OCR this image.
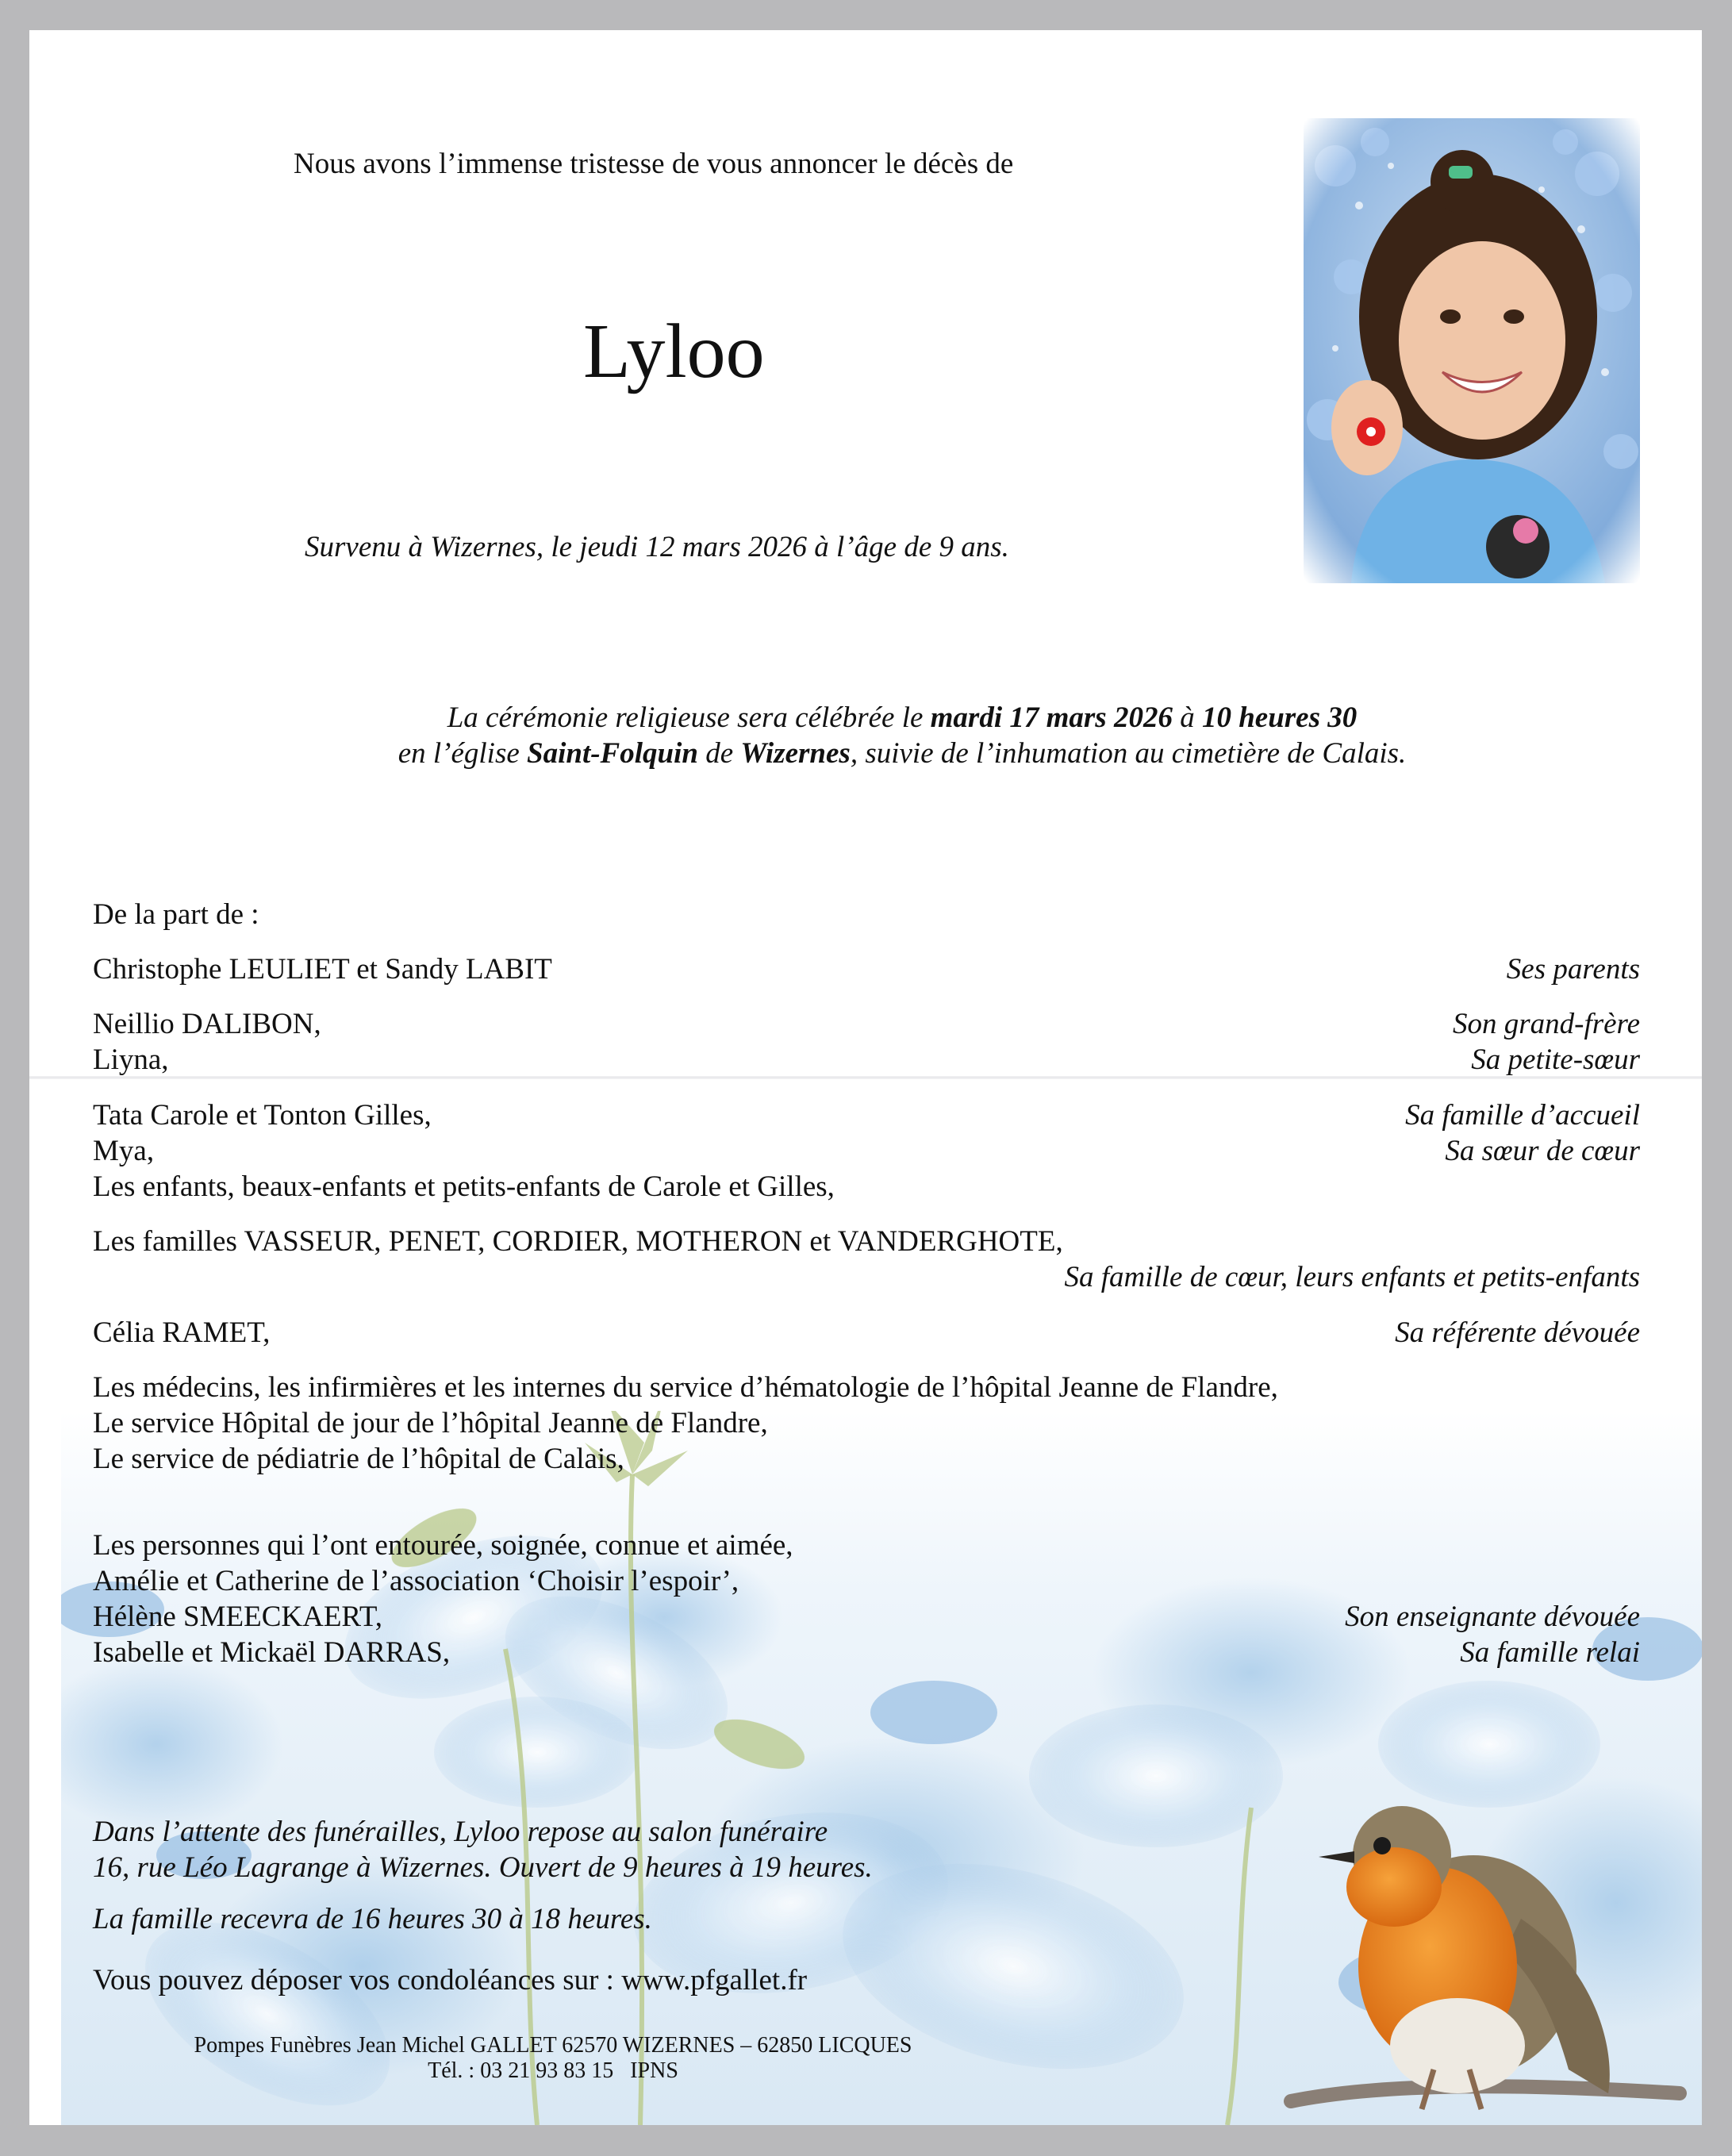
Nous avons l’immense tristesse de vous annoncer le décès de
Lyloo
Survenu à Wizernes, le jeudi 12 mars 2026 à l’âge de 9 ans.
La cérémonie religieuse sera célébrée le mardi 17 mars 2026 à 10 heures 30
en l’église Saint-Folquin de Wizernes, suivie de l’inhumation au cimetière de Calais.
De la part de :
Christophe LEULIET et Sandy LABIT	Ses parents
Neillio DALIBON,	Son grand-frère
Liyna,	Sa petite-sœur
Tata Carole et Tonton Gilles,	Sa famille d’accueil
Mya,	Sa sœur de cœur
Les enfants, beaux-enfants et petits-enfants de Carole et Gilles,
Les familles VASSEUR, PENET, CORDIER, MOTHERON et VANDERGHOTE,
Sa famille de cœur, leurs enfants et petits-enfants
Célia RAMET,	Sa référente dévouée
Les médecins, les infirmières et les internes du service d’hématologie de l’hôpital Jeanne de Flandre,
Le service Hôpital de jour de l’hôpital Jeanne de Flandre,
Le service de pédiatrie de l’hôpital de Calais,
Les personnes qui l’ont entourée, soignée, connue et aimée,
Amélie et Catherine de l’association ‘Choisir l’espoir’,
Hélène SMEECKAERT,	Son enseignante dévouée
Isabelle et Mickaël DARRAS,	Sa famille relai
Dans l’attente des funérailles, Lyloo repose au salon funéraire
16, rue Léo Lagrange à Wizernes. Ouvert de 9 heures à 19 heures.
La famille recevra de 16 heures 30 à 18 heures.
Vous pouvez déposer vos condoléances sur : www.pfgallet.fr
Pompes Funèbres Jean Michel GALLET 62570 WIZERNES – 62850 LICQUES
Tél. : 03 21 93 83 15   IPNS
